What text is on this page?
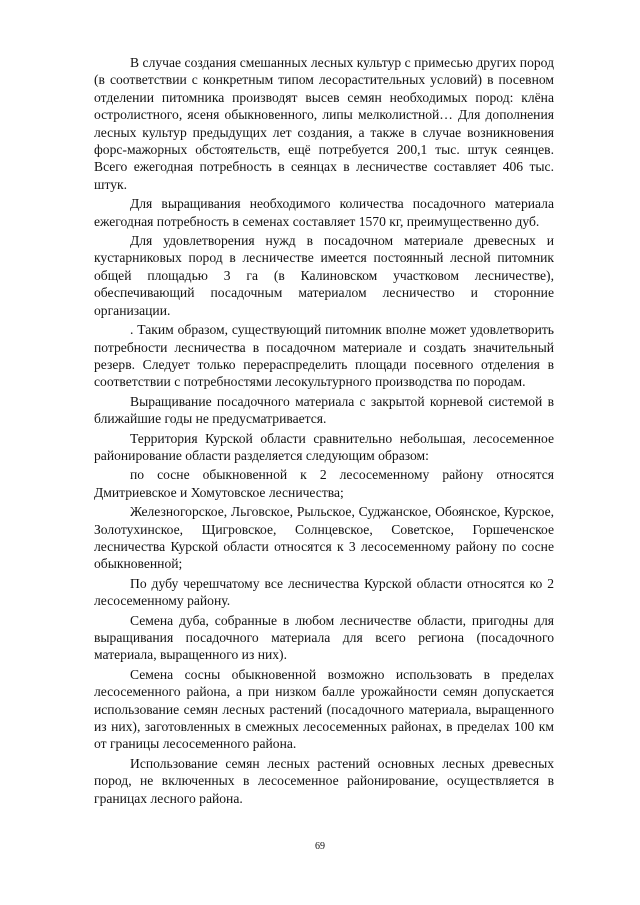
В случае создания смешанных лесных культур с примесью других пород (в соответствии с конкретным типом лесорастительных условий) в посевном отделении питомника производят высев семян необходимых пород: клёна остролистного, ясеня обыкновенного, липы мелколистной… Для дополнения лесных культур предыдущих лет создания, а также в случае возникновения форс-мажорных обстоятельств, ещё потребуется 200,1 тыс. штук сеянцев. Всего ежегодная потребность в сеянцах в лесничестве составляет 406 тыс. штук.

Для выращивания необходимого количества посадочного материала ежегодная потребность в семенах составляет 1570 кг, преимущественно дуб.

Для удовлетворения нужд в посадочном материале древесных и кустарниковых пород в лесничестве имеется постоянный лесной питомник общей площадью 3 га (в Калиновском участковом лесничестве), обеспечивающий посадочным материалом лесничество и сторонние организации.

. Таким образом, существующий питомник вполне может удовлетворить потребности лесничества в посадочном материале и создать значительный резерв. Следует только перераспределить площади посевного отделения в соответствии с потребностями лесокультурного производства по породам.

Выращивание посадочного материала с закрытой корневой системой в ближайшие годы не предусматривается.

Территория Курской области сравнительно небольшая, лесосеменное районирование области разделяется следующим образом:

по сосне обыкновенной к 2 лесосеменному району относятся Дмитриевское и Хомутовское лесничества;

Железногорское, Льговское, Рыльское, Суджанское, Обоянское, Курское, Золотухинское, Щигровское, Солнцевское, Советское, Горшеченское лесничества Курской области относятся к 3 лесосеменному району по сосне обыкновенной;

По дубу черешчатому все лесничества Курской области относятся ко 2 лесосеменному району.

Семена дуба, собранные в любом лесничестве области, пригодны для выращивания посадочного материала для всего региона (посадочного материала, выращенного из них).

Семена сосны обыкновенной возможно использовать в пределах лесосеменного района, а при низком балле урожайности семян допускается использование семян лесных растений (посадочного материала, выращенного из них), заготовленных в смежных лесосеменных районах, в пределах 100 км от границы лесосеменного района.

Использование семян лесных растений основных лесных древесных пород, не включенных в лесосеменное районирование, осуществляется в границах лесного района.

69
